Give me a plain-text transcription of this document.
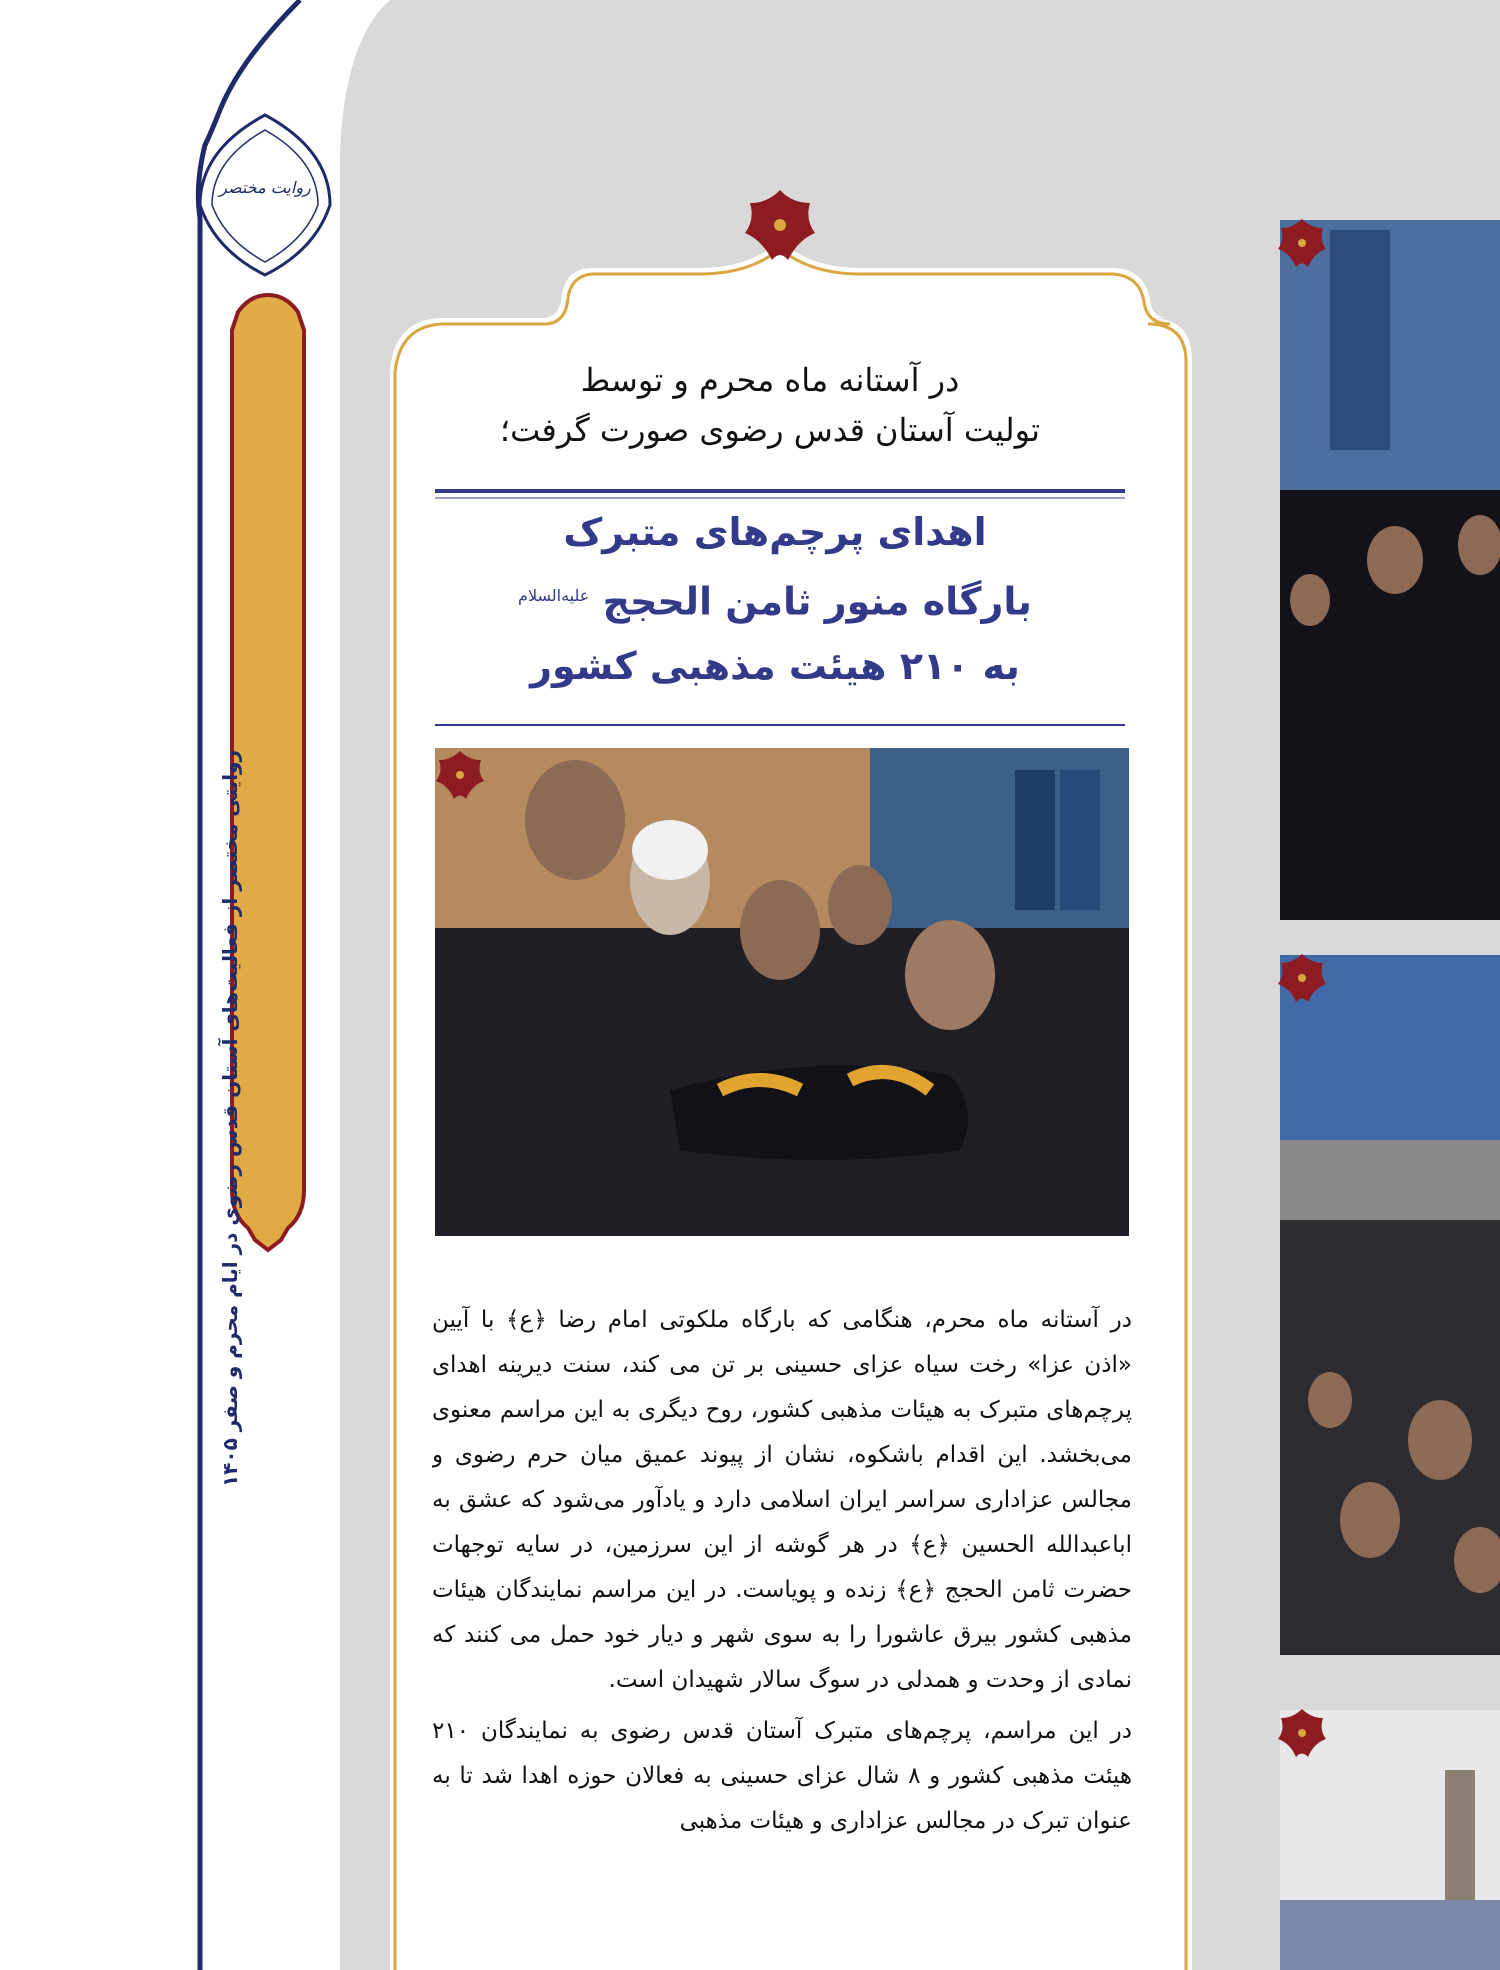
روایت مختصر
روایتی مختصر از فعالیت‌های آستان قدس رضوی در ایام محرم و صفر ۱۴۰۵
در آستانه ماه محرم و توسط
تولیت آستان قدس رضوی صورت گرفت؛
اهدای پرچم‌های متبرک
بارگاه منور ثامن الحجج $^{علیه‌السلام}$
به ۲۱۰ هیئت مذهبی کشور

در آستانه ماه محرم، هنگامی که بارگاه ملکوتی امام رضا ﴿ع﴾ با آیین «اذن عزا» رخت سیاه عزای حسینی بر تن می کند، سنت دیرینه اهدای پرچم‌های متبرک به هیئات مذهبی کشور، روح دیگری به این مراسم معنوی می‌بخشد. این اقدام باشکوه، نشان از پیوند عمیق میان حرم رضوی و مجالس عزاداری سراسر ایران اسلامی دارد و یادآور می‌شود که عشق به اباعبدالله الحسین ﴿ع﴾ در هر گوشه از این سرزمین، در سایه توجهات حضرت ثامن الحجج ﴿ع﴾ زنده و پویاست. در این مراسم نمایندگان هیئات مذهبی کشور بیرق عاشورا را به سوی شهر و دیار خود حمل می کنند که نمادی از وحدت و همدلی در سوگ سالار شهیدان است.

در این مراسم، پرچم‌های متبرک آستان قدس رضوی به نمایندگان ۲۱۰ هیئت مذهبی کشور و ۸ شال عزای حسینی به فعالان حوزه اهدا شد تا به عنوان تبرک در مجالس عزاداری و هیئات مذهبی
